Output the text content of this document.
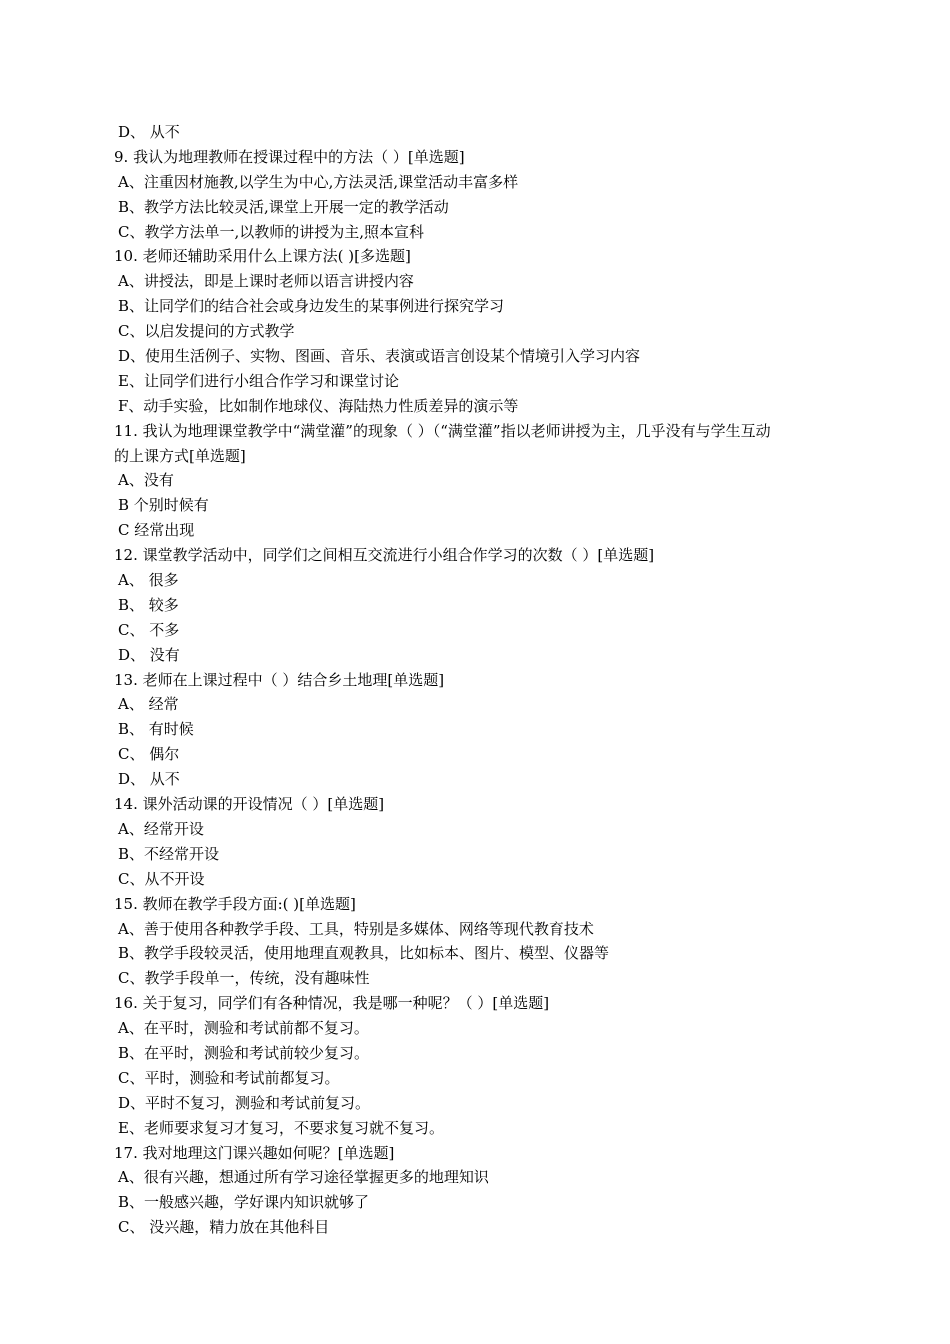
D、 从不
9. 我认为地理教师在授课过程中的方法（ ）[单选题]
A、注重因材施教,以学生为中心,方法灵活,课堂活动丰富多样
B、教学方法比较灵活,课堂上开展一定的教学活动
C、教学方法单一,以教师的讲授为主,照本宣科
10. 老师还辅助采用什么上课方法( )[多选题]
A、讲授法，即是上课时老师以语言讲授内容
B、让同学们的结合社会或身边发生的某事例进行探究学习
C、以启发提问的方式教学
D、使用生活例子、实物、图画、音乐、表演或语言创设某个情境引入学习内容
E、让同学们进行小组合作学习和课堂讨论
F、动手实验，比如制作地球仪、海陆热力性质差异的演示等
11. 我认为地理课堂教学中“满堂灌”的现象（ ）（“满堂灌”指以老师讲授为主，几乎没有与学生互动
的上课方式[单选题]
A、没有
B 个别时候有
C 经常出现
12. 课堂教学活动中，同学们之间相互交流进行小组合作学习的次数（ ）[单选题]
A、 很多
B、 较多
C、 不多
D、 没有
13. 老师在上课过程中（ ）结合乡土地理[单选题]
A、 经常
B、 有时候
C、 偶尔
D、 从不
14. 课外活动课的开设情况（ ）[单选题]
A、经常开设
B、不经常开设
C、从不开设
15. 教师在教学手段方面:( )[单选题]
A、善于使用各种教学手段、工具，特别是多媒体、网络等现代教育技术
B、教学手段较灵活，使用地理直观教具，比如标本、图片、模型、仪器等
C、教学手段单一，传统，没有趣味性
16. 关于复习，同学们有各种情况，我是哪一种呢？（ ）[单选题]
A、在平时，测验和考试前都不复习。
B、在平时，测验和考试前较少复习。
C、平时，测验和考试前都复习。
D、平时不复习，测验和考试前复习。
E、老师要求复习才复习，不要求复习就不复习。
17. 我对地理这门课兴趣如何呢？[单选题]
A、很有兴趣，想通过所有学习途径掌握更多的地理知识
B、一般感兴趣，学好课内知识就够了
C、 没兴趣，精力放在其他科目
